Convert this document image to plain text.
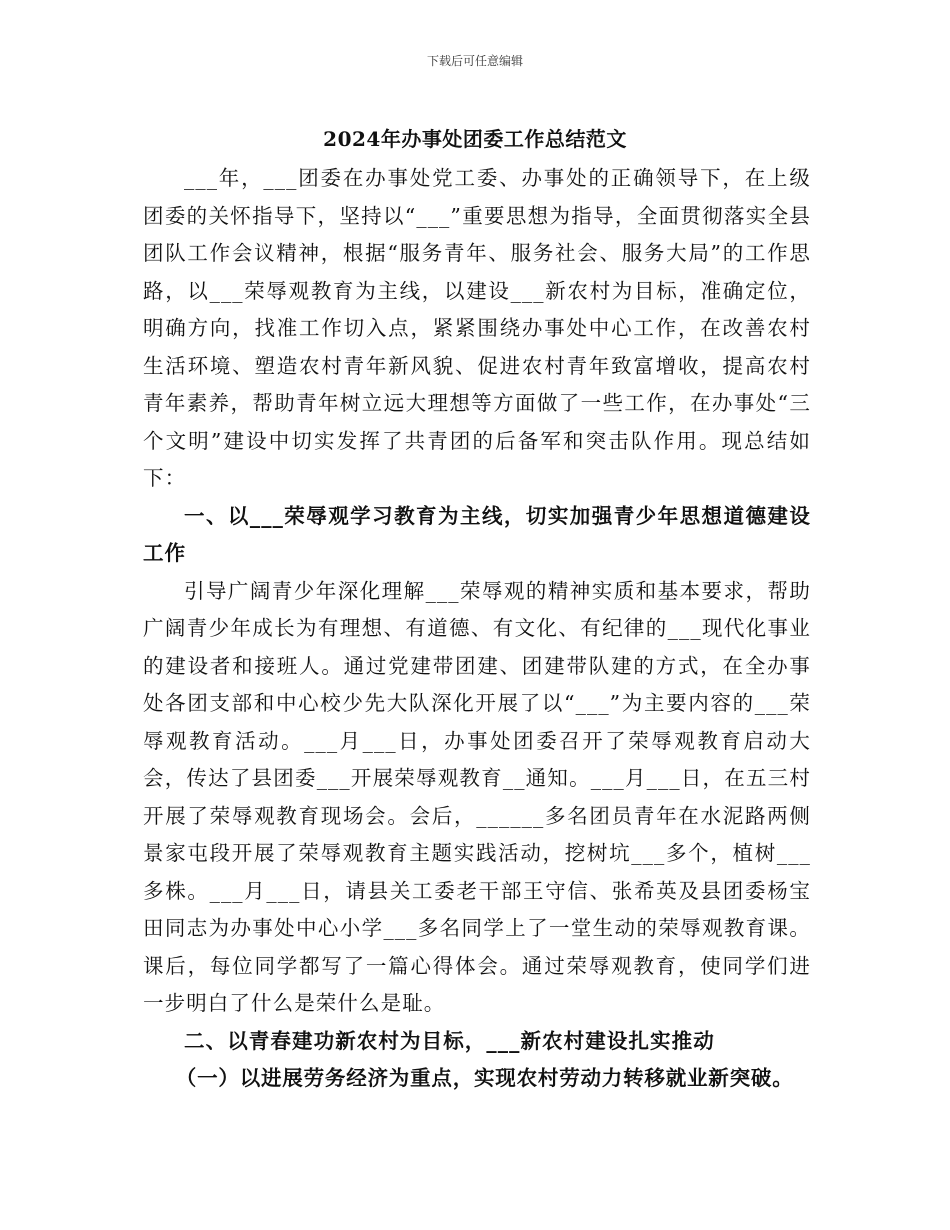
下载后可任意编辑
2024年办事处团委工作总结范文

___年，___团委在办事处党工委、办事处的正确领导下，在上级团委的关怀指导下，坚持以“___”重要思想为指导，全面贯彻落实全县团队工作会议精神，根据“服务青年、服务社会、服务大局”的工作思路，以___荣辱观教育为主线，以建设___新农村为目标，准确定位，明确方向，找准工作切入点，紧紧围绕办事处中心工作，在改善农村生活环境、塑造农村青年新风貌、促进农村青年致富增收，提高农村青年素养，帮助青年树立远大理想等方面做了一些工作，在办事处“三个文明”建设中切实发挥了共青团的后备军和突击队作用。现总结如下：

一、以___荣辱观学习教育为主线，切实加强青少年思想道德建设工作

引导广阔青少年深化理解___荣辱观的精神实质和基本要求，帮助广阔青少年成长为有理想、有道德、有文化、有纪律的___现代化事业的建设者和接班人。通过党建带团建、团建带队建的方式，在全办事处各团支部和中心校少先大队深化开展了以“___”为主要内容的___荣辱观教育活动。___月___日，办事处团委召开了荣辱观教育启动大会，传达了县团委___开展荣辱观教育__通知。___月___日，在五三村开展了荣辱观教育现场会。会后，______多名团员青年在水泥路两侧景家屯段开展了荣辱观教育主题实践活动，挖树坑___多个，植树___多株。___月___日，请县关工委老干部王守信、张希英及县团委杨宝田同志为办事处中心小学___多名同学上了一堂生动的荣辱观教育课。课后，每位同学都写了一篇心得体会。通过荣辱观教育，使同学们进一步明白了什么是荣什么是耻。

二、以青春建功新农村为目标，___新农村建设扎实推动

（一）以进展劳务经济为重点，实现农村劳动力转移就业新突破。
